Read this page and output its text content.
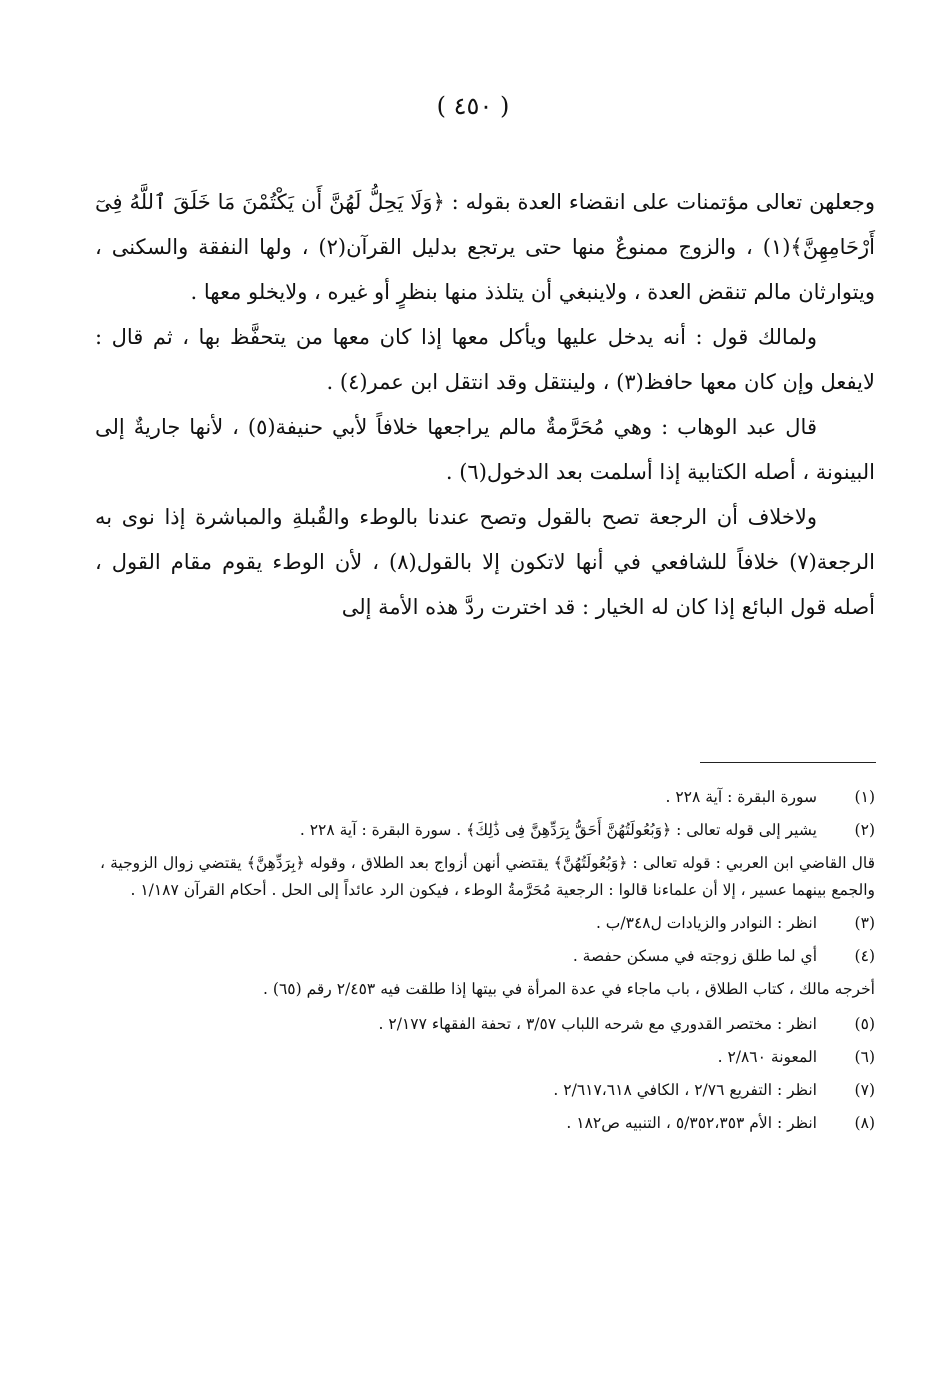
( ٤٥٠ )

وجعلهن تعالى مؤتمنات على انقضاء العدة بقوله : ﴿وَلَا يَحِلُّ لَهُنَّ أَن يَكْتُمْنَ مَا خَلَقَ ٱللَّهُ فِىٓ أَرْحَامِهِنَّ﴾(١) ، والزوج ممنوعٌ منها حتى يرتجع بدليل القرآن(٢) ، ولها النفقة والسكنى ، ويتوارثان مالم تنقض العدة ، ولاينبغي أن يتلذذ منها بنظرٍ أو غيره ، ولايخلو معها .

ولمالك قول : أنه يدخل عليها ويأكل معها إذا كان معها من يتحفَّظ بها ، ثم قال : لايفعل وإن كان معها حافظ(٣) ، ولينتقل وقد انتقل ابن عمر(٤) .

قال عبد الوهاب : وهي مُحَرَّمةٌ مالم يراجعها خلافاً لأبي حنيفة(٥) ، لأنها جاريةٌ إلى البينونة ، أصله الكتابية إذا أسلمت بعد الدخول(٦) .

ولاخلاف أن الرجعة تصح بالقول وتصح عندنا بالوطء والقُبلةِ والمباشرة إذا نوى به الرجعة(٧) خلافاً للشافعي في أنها لاتكون إلا بالقول(٨) ، لأن الوطء يقوم مقام القول ، أصله قول البائع إذا كان له الخيار : قد اخترت ردَّ هذه الأمة إلى

(١)
سورة البقرة : آية ٢٢٨ .
(٢)
يشير إلى قوله تعالى : ﴿وَبُعُولَتُهُنَّ أَحَقُّ بِرَدِّهِنَّ فِى ذَٰلِكَ﴾ . سورة البقرة : آية ٢٢٨ .

قال القاضي ابن العربي : قوله تعالى : ﴿وَبُعُولَتُهُنَّ﴾ يقتضي أنهن أزواج بعد الطلاق ، وقوله ﴿بِرَدِّهِنَّ﴾ يقتضي زوال الزوجية ، والجمع بينهما عسير ، إلا أن علماءنا قالوا : الرجعية مُحَرَّمةُ الوطء ، فيكون الرد عائداً إلى الحل . أحكام القرآن ١/١٨٧ .

(٣)
انظر : النوادر والزيادات ل٣٤٨/ب .
(٤)
أي لما طلق زوجته في مسكن حفصة .

أخرجه مالك ، كتاب الطلاق ، باب ماجاء في عدة المرأة في بيتها إذا طلقت فيه ٢/٤٥٣ رقم (٦٥) .

(٥)
انظر : مختصر القدوري مع شرحه اللباب ٣/٥٧ ، تحفة الفقهاء ٢/١٧٧ .
(٦)
المعونة ٢/٨٦٠ .
(٧)
انظر : التفريع ٢/٧٦ ، الكافي ٢/٦١٧،٦١٨ .
(٨)
انظر : الأم ٥/٣٥٢،٣٥٣ ، التنبيه ص١٨٢ .
